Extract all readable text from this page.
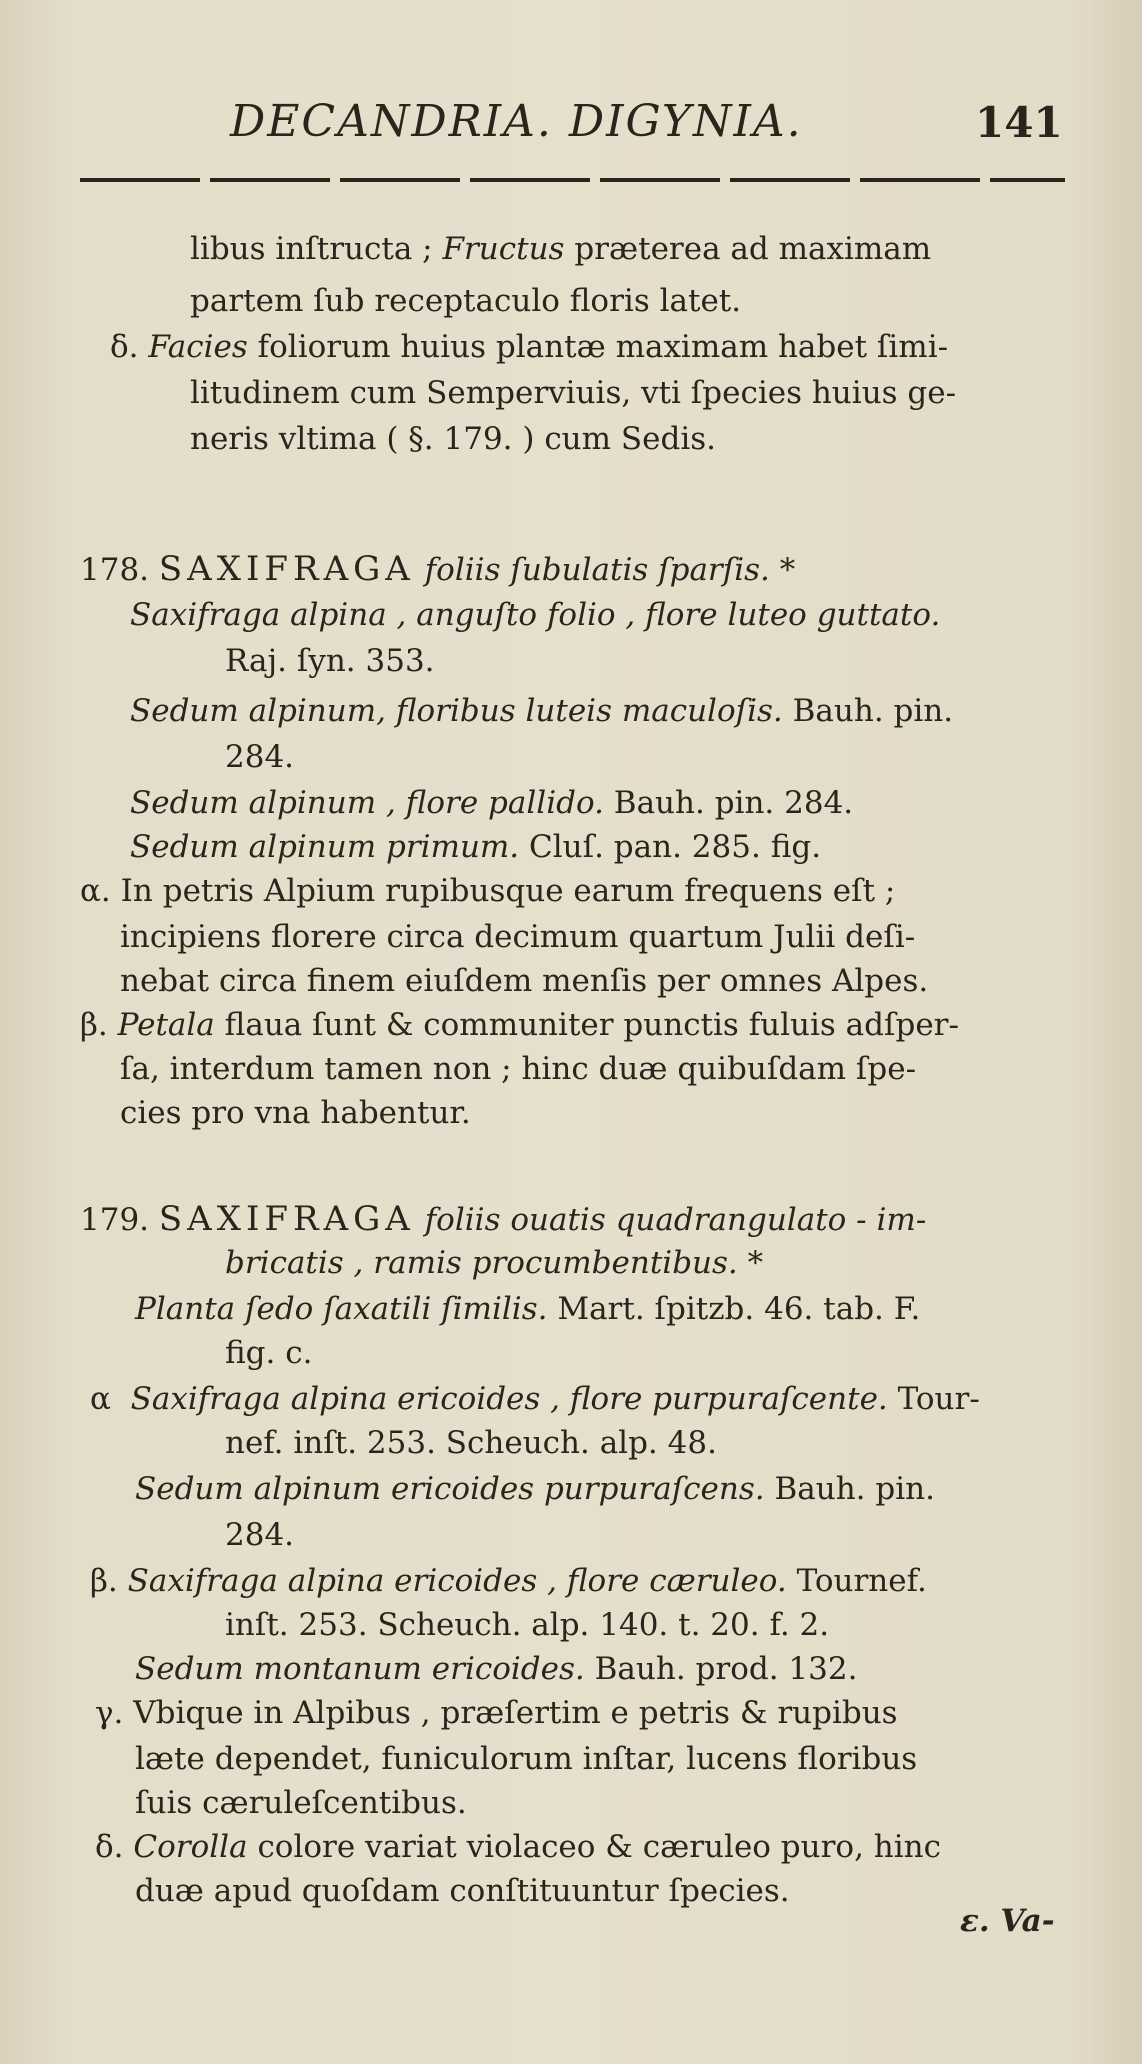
DECANDRIA. DIGYNIA.	141
libus inſtructa ; Fructus præterea ad maximam
partem ſub receptaculo floris latet.
δ. Facies foliorum huius plantæ maximam habet ſimi-
litudinem cum Semperviuis, vti ſpecies huius ge-
neris vltima ( §. 179. ) cum Sedis.
178. SAXIFRAGA foliis ſubulatis ſparſis. *
Saxifraga alpina , anguſto folio , flore luteo guttato.
Raj. ſyn. 353.
Sedum alpinum, floribus luteis maculoſis. Bauh. pin.
284.
Sedum alpinum , flore pallido. Bauh. pin. 284.
Sedum alpinum primum. Cluſ. pan. 285. fig.
α. In petris Alpium rupibusque earum frequens eſt ;
incipiens florere circa decimum quartum Julii deſi-
nebat circa finem eiuſdem menſis per omnes Alpes.
β. Petala flaua ſunt & communiter punctis fuluis adſper-
ſa, interdum tamen non ; hinc duæ quibuſdam ſpe-
cies pro vna habentur.
179. SAXIFRAGA foliis ouatis quadrangulato - im-
bricatis , ramis procumbentibus. *
Planta ſedo ſaxatili ſimilis. Mart. ſpitzb. 46. tab. F.
fig. c.
α Saxifraga alpina ericoides , flore purpuraſcente. Tour-
nef. inſt. 253. Scheuch. alp. 48.
Sedum alpinum ericoides purpuraſcens. Bauh. pin.
284.
β. Saxifraga alpina ericoides , flore cæruleo. Tournef.
inſt. 253. Scheuch. alp. 140. t. 20. f. 2.
Sedum montanum ericoides. Bauh. prod. 132.
γ. Vbique in Alpibus , præſertim e petris & rupibus
læte dependet, funiculorum inſtar, lucens floribus
ſuis cæruleſcentibus.
δ. Corolla colore variat violaceo & cæruleo puro, hinc
duæ apud quoſdam conſtituuntur ſpecies.
ε. Va-
